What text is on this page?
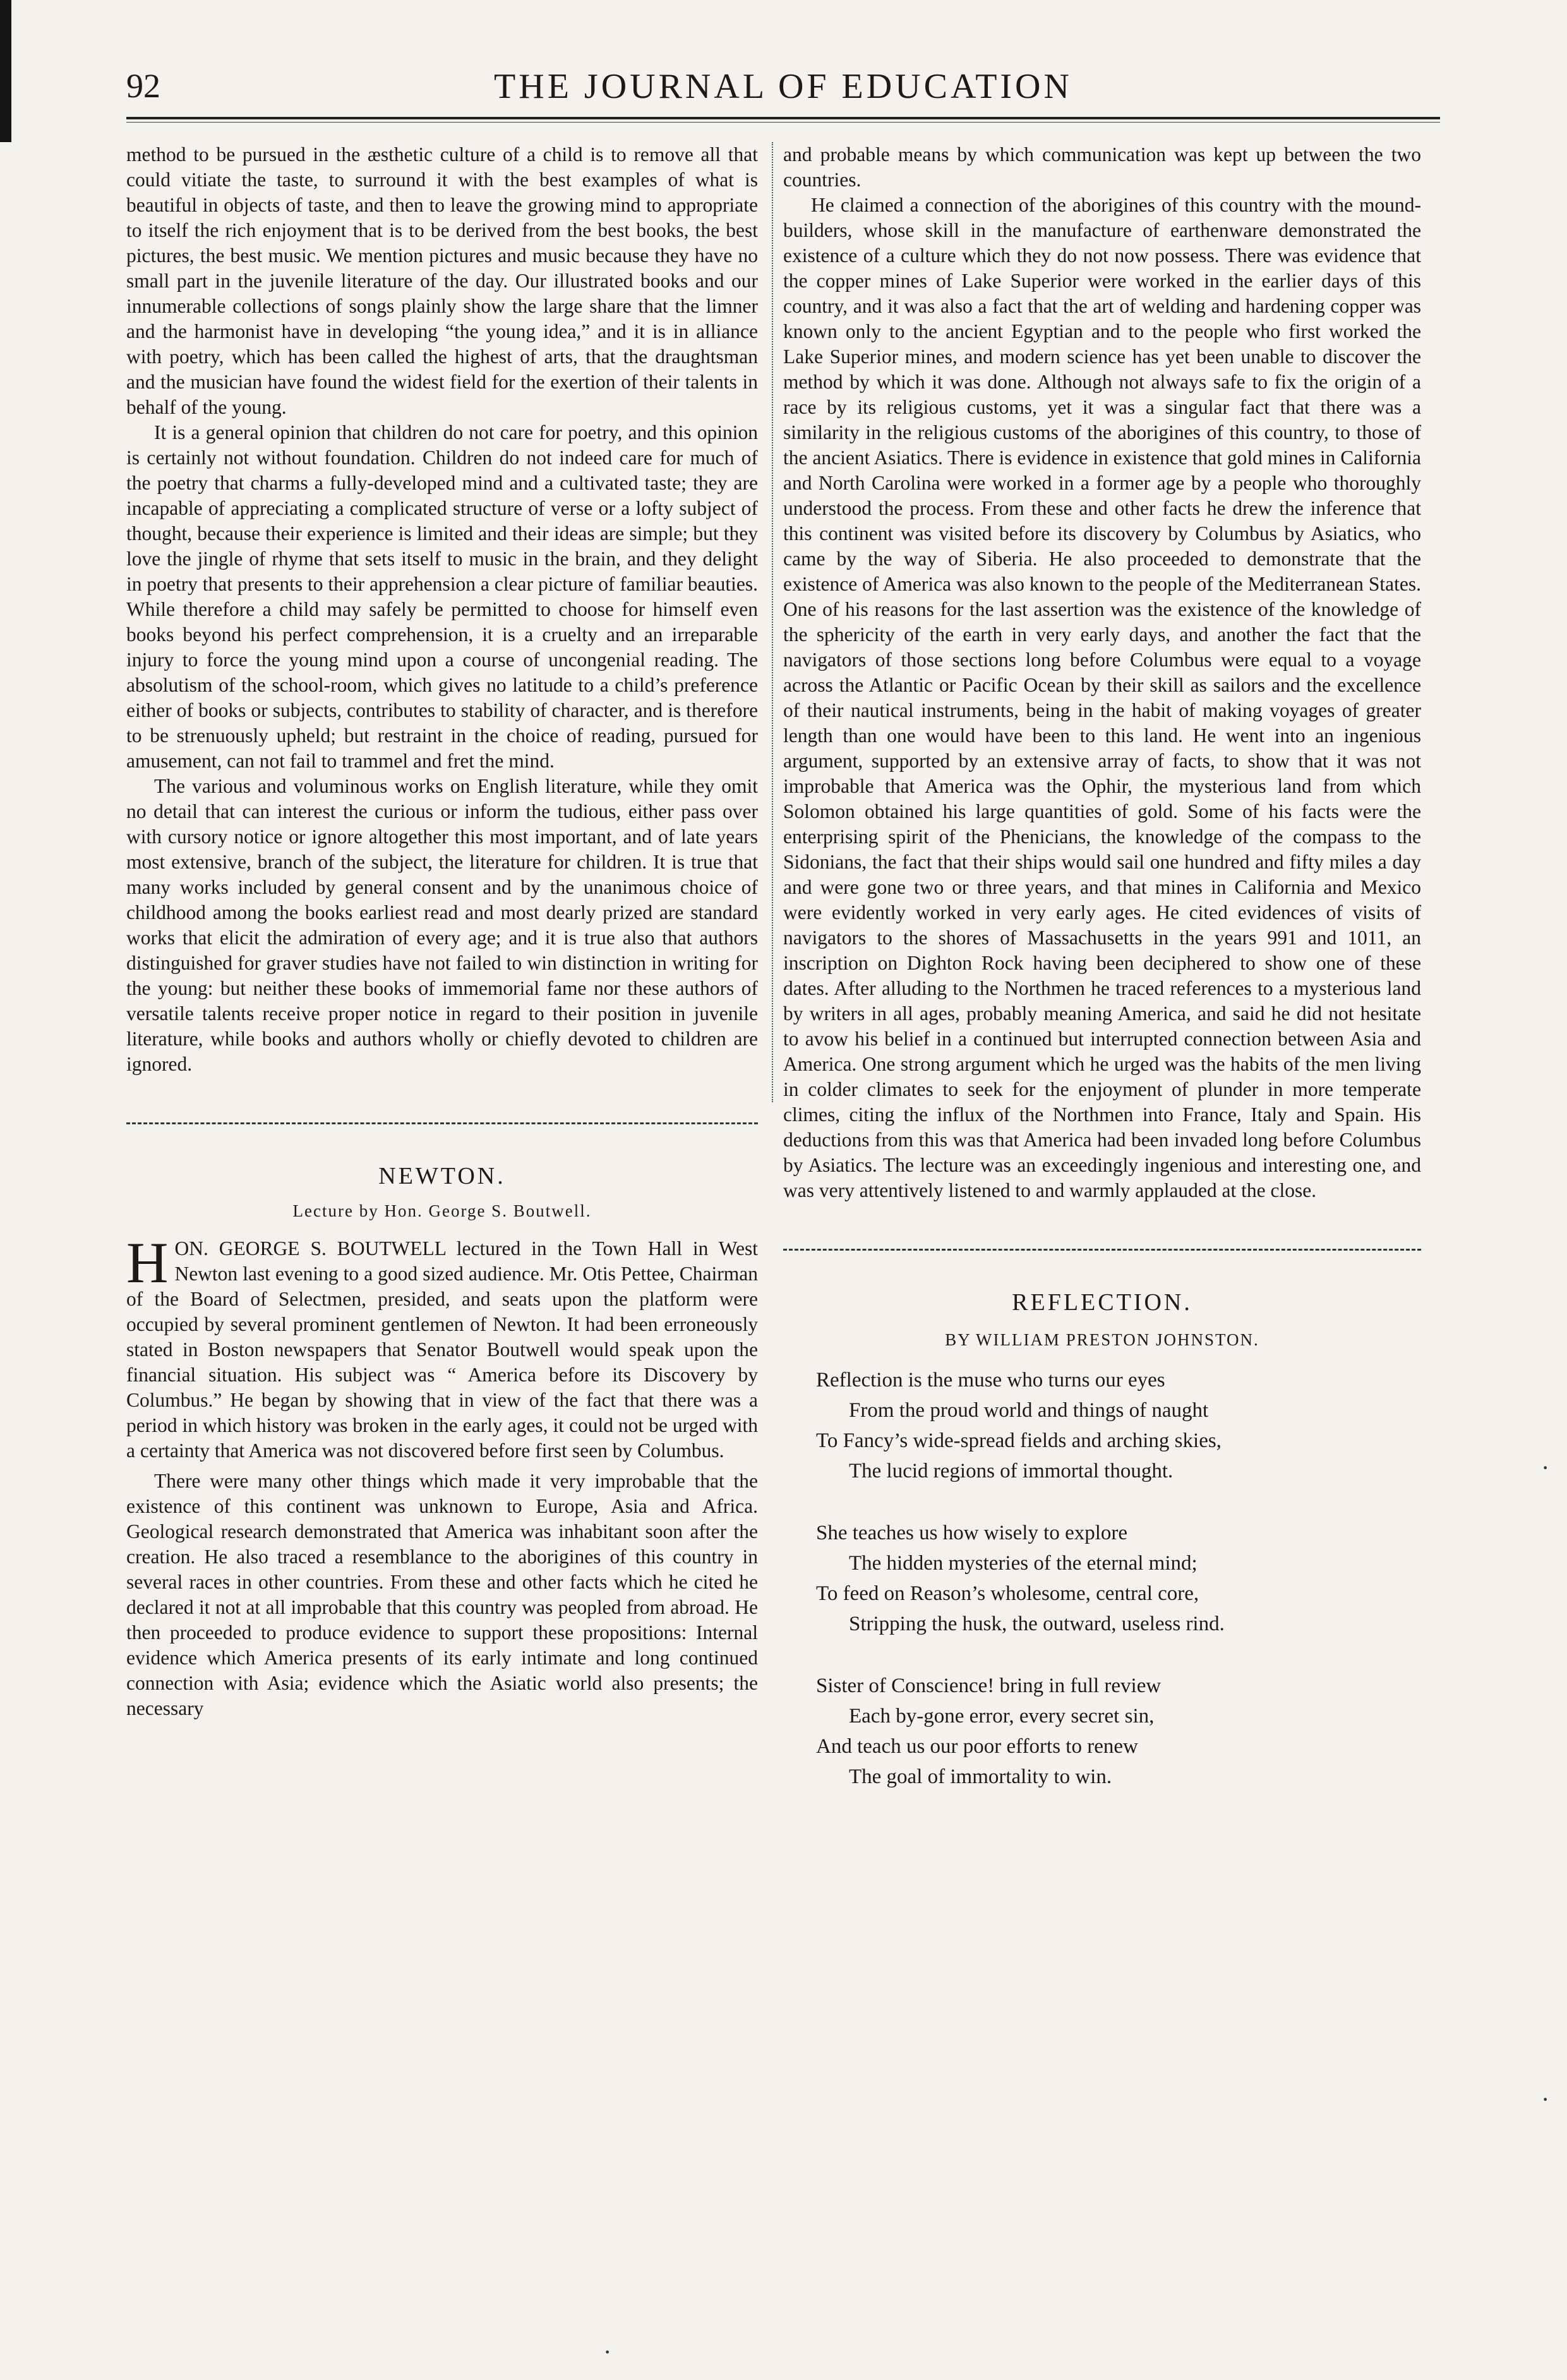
92	THE JOURNAL OF EDUCATION

method to be pursued in the æsthetic culture of a child is to remove all that could vitiate the taste, to surround it with the best examples of what is beautiful in objects of taste, and then to leave the growing mind to appropriate to itself the rich enjoyment that is to be derived from the best books, the best pictures, the best music. We mention pictures and music because they have no small part in the juvenile literature of the day. Our illustrated books and our innumerable collections of songs plainly show the large share that the limner and the harmonist have in developing “the young idea,” and it is in alliance with poetry, which has been called the highest of arts, that the draughtsman and the musician have found the widest field for the exertion of their talents in behalf of the young.

It is a general opinion that children do not care for poetry, and this opinion is certainly not without foundation. Children do not indeed care for much of the poetry that charms a fully-developed mind and a cultivated taste; they are incapable of appreciating a complicated structure of verse or a lofty subject of thought, because their experience is limited and their ideas are simple; but they love the jingle of rhyme that sets itself to music in the brain, and they delight in poetry that presents to their apprehension a clear picture of familiar beauties. While therefore a child may safely be permitted to choose for himself even books beyond his perfect comprehension, it is a cruelty and an irreparable injury to force the young mind upon a course of uncongenial reading. The absolutism of the school-room, which gives no latitude to a child’s preference either of books or subjects, contributes to stability of character, and is therefore to be strenuously upheld; but restraint in the choice of reading, pursued for amusement, can not fail to trammel and fret the mind.

The various and voluminous works on English literature, while they omit no detail that can interest the curious or inform the tudious, either pass over with cursory notice or ignore altogether this most important, and of late years most extensive, branch of the subject, the literature for children. It is true that many works included by general consent and by the unanimous choice of childhood among the books earliest read and most dearly prized are standard works that elicit the admiration of every age; and it is true also that authors distinguished for graver studies have not failed to win distinction in writing for the young: but neither these books of immemorial fame nor these authors of versatile talents receive proper notice in regard to their position in juvenile literature, while books and authors wholly or chiefly devoted to children are ignored.

NEWTON.
Lecture by Hon. George S. Boutwell.

HON. GEORGE S. BOUTWELL lectured in the Town Hall in West Newton last evening to a good sized audience. Mr. Otis Pettee, Chairman of the Board of Selectmen, presided, and seats upon the platform were occupied by several prominent gentlemen of Newton. It had been erroneously stated in Boston newspapers that Senator Boutwell would speak upon the financial situation. His subject was “ America before its Discovery by Columbus.” He began by showing that in view of the fact that there was a period in which history was broken in the early ages, it could not be urged with a certainty that America was not discovered before first seen by Columbus.

There were many other things which made it very improbable that the existence of this continent was unknown to Europe, Asia and Africa. Geological research demonstrated that America was inhabitant soon after the creation. He also traced a resemblance to the aborigines of this country in several races in other countries. From these and other facts which he cited he declared it not at all improbable that this country was peopled from abroad. He then proceeded to produce evidence to support these propositions: Internal evidence which America presents of its early intimate and long continued connection with Asia; evidence which the Asiatic world also presents; the necessary

and probable means by which communication was kept up between the two countries.

He claimed a connection of the aborigines of this country with the mound-builders, whose skill in the manufacture of earthenware demonstrated the existence of a culture which they do not now possess. There was evidence that the copper mines of Lake Superior were worked in the earlier days of this country, and it was also a fact that the art of welding and hardening copper was known only to the ancient Egyptian and to the people who first worked the Lake Superior mines, and modern science has yet been unable to discover the method by which it was done. Although not always safe to fix the origin of a race by its religious customs, yet it was a singular fact that there was a similarity in the religious customs of the aborigines of this country, to those of the ancient Asiatics. There is evidence in existence that gold mines in California and North Carolina were worked in a former age by a people who thoroughly understood the process. From these and other facts he drew the inference that this continent was visited before its discovery by Columbus by Asiatics, who came by the way of Siberia. He also proceeded to demonstrate that the existence of America was also known to the people of the Mediterranean States. One of his reasons for the last assertion was the existence of the knowledge of the sphericity of the earth in very early days, and another the fact that the navigators of those sections long before Columbus were equal to a voyage across the Atlantic or Pacific Ocean by their skill as sailors and the excellence of their nautical instruments, being in the habit of making voyages of greater length than one would have been to this land. He went into an ingenious argument, supported by an extensive array of facts, to show that it was not improbable that America was the Ophir, the mysterious land from which Solomon obtained his large quantities of gold. Some of his facts were the enterprising spirit of the Phenicians, the knowledge of the compass to the Sidonians, the fact that their ships would sail one hundred and fifty miles a day and were gone two or three years, and that mines in California and Mexico were evidently worked in very early ages. He cited evidences of visits of navigators to the shores of Massachusetts in the years 991 and 1011, an inscription on Dighton Rock having been deciphered to show one of these dates. After alluding to the Northmen he traced references to a mysterious land by writers in all ages, probably meaning America, and said he did not hesitate to avow his belief in a continued but interrupted connection between Asia and America. One strong argument which he urged was the habits of the men living in colder climates to seek for the enjoyment of plunder in more temperate climes, citing the influx of the Northmen into France, Italy and Spain. His deductions from this was that America had been invaded long before Columbus by Asiatics. The lecture was an exceedingly ingenious and interesting one, and was very attentively listened to and warmly applauded at the close.

REFLECTION.
BY WILLIAM PRESTON JOHNSTON.
Reflection is the muse who turns our eyes
From the proud world and things of naught
To Fancy’s wide-spread fields and arching skies,
The lucid regions of immortal thought.
She teaches us how wisely to explore
The hidden mysteries of the eternal mind;
To feed on Reason’s wholesome, central core,
Stripping the husk, the outward, useless rind.
Sister of Conscience! bring in full review
Each by-gone error, every secret sin,
And teach us our poor efforts to renew
The goal of immortality to win.
·
·
·
